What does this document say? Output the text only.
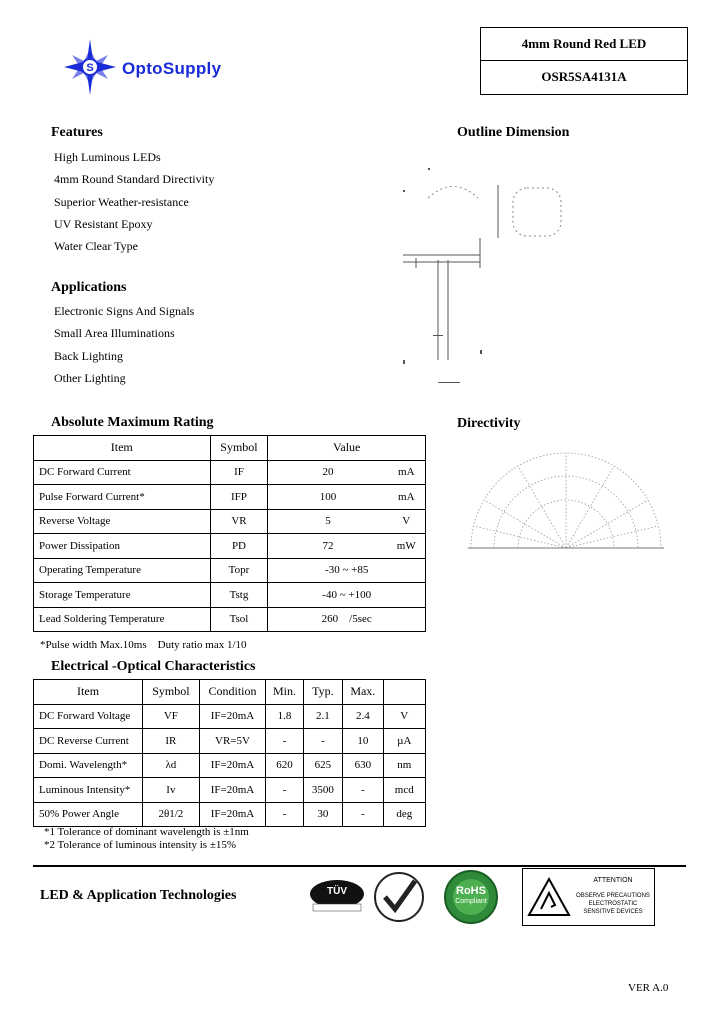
S OptoSupply
4mm Round Red LED
OSR5SA4131A
Features
High Luminous LEDs
4mm Round Standard Directivity
Superior Weather-resistance
UV Resistant Epoxy
Water Clear Type
Applications
Electronic Signs And Signals
Small Area Illuminations
Back Lighting
Other Lighting
Outline Dimension
Directivity
Absolute Maximum Rating
Item	Symbol	Value	
DC Forward Current	IF	20	mA
Pulse Forward Current*	IFP	100	mA
Reverse Voltage	VR	5	V
Power Dissipation	PD	72	mW
Operating Temperature	Topr	-30 ~ +85	
Storage Temperature	Tstg	-40 ~ +100	
Lead Soldering Temperature	Tsol	260    /5sec	
*Pulse width Max.10ms    Duty ratio max 1/10
Electrical -Optical Characteristics
Item	Symbol	Condition	Min.	Typ.	Max.	
DC Forward Voltage	VF	IF=20mA	1.8	2.1	2.4	V
DC Reverse Current	IR	VR=5V	-	-	10	µA
Domi. Wavelength*	λd	IF=20mA	620	625	630	nm
Luminous Intensity*	Iv	IF=20mA	-	3500	-	mcd
50% Power Angle	2θ1/2	IF=20mA	-	30	-	deg
*1 Tolerance of dominant wavelength is ±1nm
*2 Tolerance of luminous intensity is ±15%
LED & Application Technologies	TÜV	RoHS
Compliant
ATTENTION
OBSERVE PRECAUTIONS
ELECTROSTATIC
SENSITIVE DEVICES
VER A.0
